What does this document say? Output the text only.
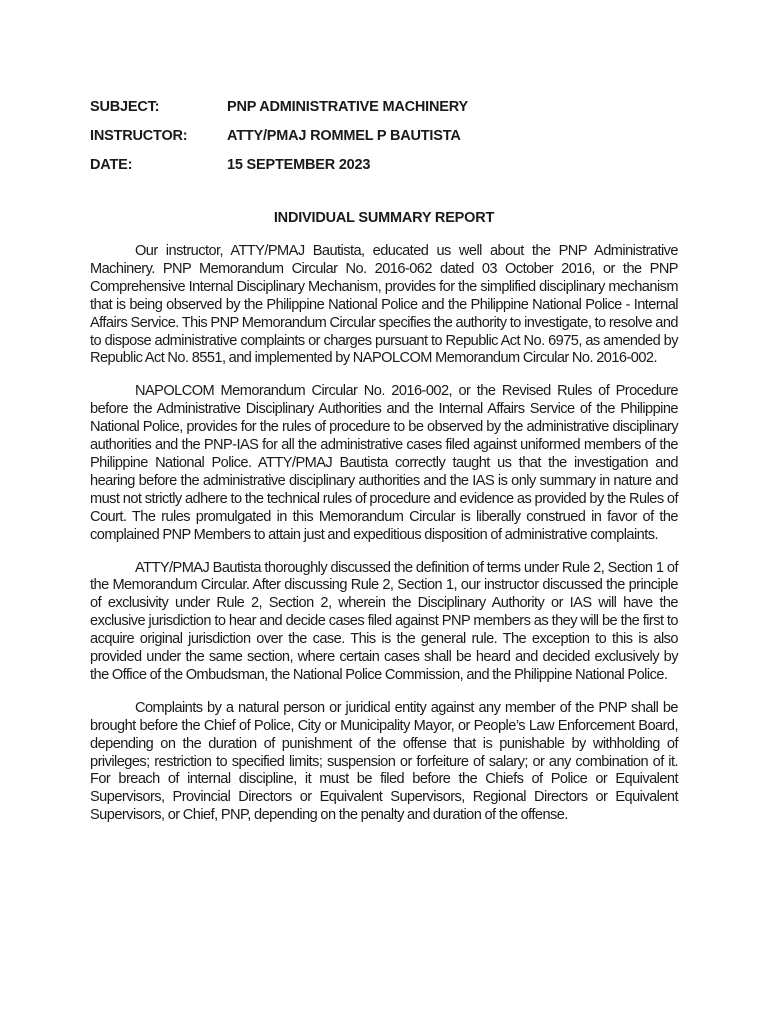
SUBJECT:	PNP ADMINISTRATIVE MACHINERY
INSTRUCTOR:	ATTY/PMAJ ROMMEL P BAUTISTA
DATE:	15 SEPTEMBER 2023
INDIVIDUAL SUMMARY REPORT

Our instructor, ATTY/PMAJ Bautista, educated us well about the PNP Administrative Machinery. PNP Memorandum Circular No. 2016-062 dated 03 October 2016, or the PNP Comprehensive Internal Disciplinary Mechanism, provides for the simplified disciplinary mechanism that is being observed by the Philippine National Police and the Philippine National Police - Internal Affairs Service. This PNP Memorandum Circular specifies the authority to investigate, to resolve and to dispose administrative complaints or charges pursuant to Republic Act No. 6975, as amended by Republic Act No. 8551, and implemented by NAPOLCOM Memorandum Circular No. 2016-002.

NAPOLCOM Memorandum Circular No. 2016-002, or the Revised Rules of Procedure before the Administrative Disciplinary Authorities and the Internal Affairs Service of the Philippine National Police, provides for the rules of procedure to be observed by the administrative disciplinary authorities and the PNP-IAS for all the administrative cases filed against uniformed members of the Philippine National Police. ATTY/PMAJ Bautista correctly taught us that the investigation and hearing before the administrative disciplinary authorities and the IAS is only summary in nature and must not strictly adhere to the technical rules of procedure and evidence as provided by the Rules of Court. The rules promulgated in this Memorandum Circular is liberally construed in favor of the complained PNP Members to attain just and expeditious disposition of administrative complaints.

ATTY/PMAJ Bautista thoroughly discussed the definition of terms under Rule 2, Section 1 of the Memorandum Circular. After discussing Rule 2, Section 1, our instructor discussed the principle of exclusivity under Rule 2, Section 2, wherein the Disciplinary Authority or IAS will have the exclusive jurisdiction to hear and decide cases filed against PNP members as they will be the first to acquire original jurisdiction over the case. This is the general rule. The exception to this is also provided under the same section, where certain cases shall be heard and decided exclusively by the Office of the Ombudsman, the National Police Commission, and the Philippine National Police.

Complaints by a natural person or juridical entity against any member of the PNP shall be brought before the Chief of Police, City or Municipality Mayor, or People’s Law Enforcement Board, depending on the duration of punishment of the offense that is punishable by withholding of privileges; restriction to specified limits; suspension or forfeiture of salary; or any combination of it. For breach of internal discipline, it must be filed before the Chiefs of Police or Equivalent Supervisors, Provincial Directors or Equivalent Supervisors, Regional Directors or Equivalent Supervisors, or Chief, PNP, depending on the penalty and duration of the offense.
